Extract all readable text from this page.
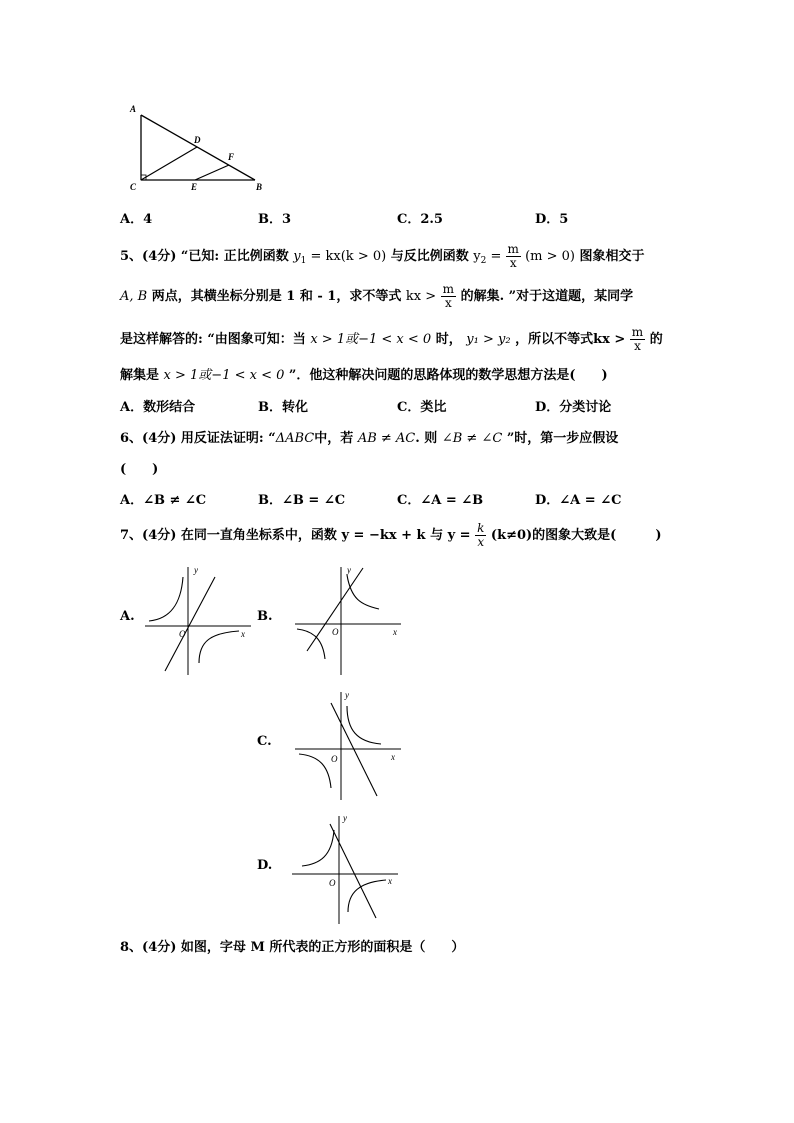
A
D
F
C	E	B
A．4	B．3	C．2.5	D．5
5、(4分) “已知: 正比例函数 $y_1 = kx(k > 0)$ 与反比例函数 $y_2 = \frac{m}{x} (m > 0)$ 图象相交于
A, B 两点，其横坐标分别是 1 和 - 1，求不等式 kx > $\frac{m}{x}$ 的解集. ”对于这道题，某同学
是这样解答的: “由图象可知：当 x > 1或−1 < x < 0 时， y₁ > y₂ ，所以不等式kx > $\frac{m}{x}$ 的
解集是 x > 1或−1 < x < 0 ”．他这种解决问题的思路体现的数学思想方法是(　　)
A．数形结合	B．转化	C．类比	D．分类讨论
6、(4分) 用反证法证明: “ΔABC中，若 AB ≠ AC. 则 ∠B ≠ ∠C ”时，第一步应假设
(　　)
A．∠B ≠ ∠C	B．∠B = ∠C	C．∠A = ∠B	D．∠A = ∠C
7、(4分) 在同一直角坐标系中，函数 y = −kx + k 与 $y = \frac{k}{x} (k\ne 0)$的图象大致是(　　　)
A.	B.
C.
D.
y
x
O
y
x
O
y
x
O
y
x
O
8、(4分) 如图，字母 M 所代表的正方形的面积是（　　）
